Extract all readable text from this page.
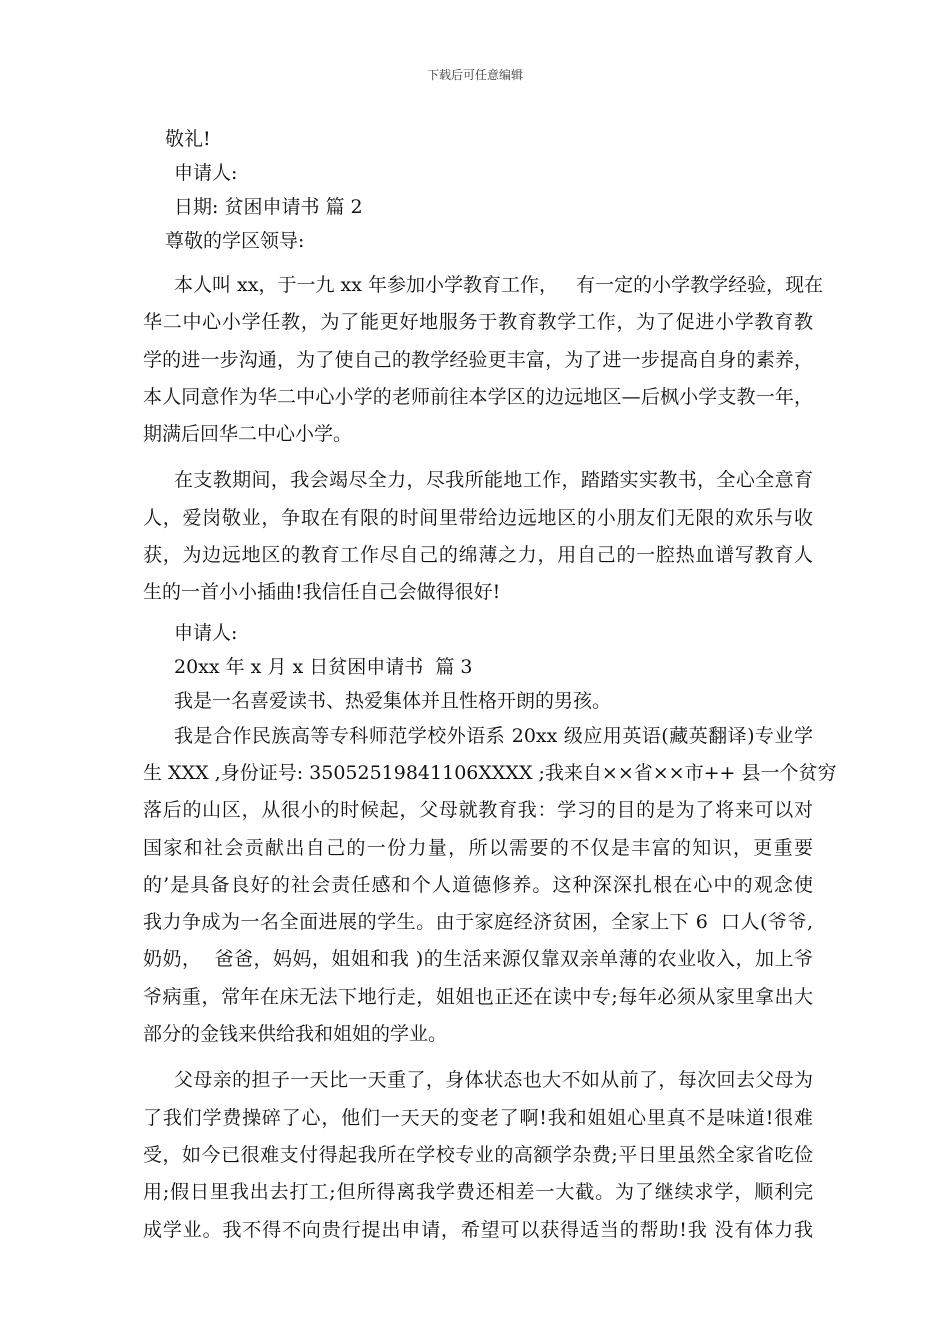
下载后可任意编辑
敬礼!
申请人:
日期: 贫困申请书 篇 2
尊敬的学区领导:
本人叫 xx，于一九 xx 年参加小学教育工作，   有一定的小学教学经验，现在
华二中心小学任教，为了能更好地服务于教育教学工作，为了促进小学教育教
学的进一步沟通，为了使自己的教学经验更丰富，为了进一步提高自身的素养，
本人同意作为华二中心小学的老师前往本学区的边远地区—后枫小学支教一年，
期满后回华二中心小学。
在支教期间，我会竭尽全力，尽我所能地工作，踏踏实实教书，全心全意育
人，爱岗敬业，争取在有限的时间里带给边远地区的小朋友们无限的欢乐与收
获，为边远地区的教育工作尽自己的绵薄之力，用自己的一腔热血谱写教育人
生的一首小小插曲!我信任自己会做得很好!
申请人:
20xx 年 x 月 x 日贫困申请书  篇 3
我是一名喜爱读书、热爱集体并且性格开朗的男孩。
我是合作民族高等专科师范学校外语系 20xx 级应用英语(藏英翻译)专业学
生 XXX ,身份证号: 35052519841106XXXX ;我来自××省××市++ 县一个贫穷
落后的山区，从很小的时候起，父母就教育我：学习的目的是为了将来可以对
国家和社会贡献出自己的一份力量，所以需要的不仅是丰富的知识，更重要
的’是具备良好的社会责任感和个人道德修养。这种深深扎根在心中的观念使
我力争成为一名全面进展的学生。由于家庭经济贫困，全家上下 6  口人(爷爷,
奶奶，  爸爸，妈妈，姐姐和我 )的生活来源仅靠双亲单薄的农业收入，加上爷
爷病重，常年在床无法下地行走，姐姐也正还在读中专;每年必须从家里拿出大
部分的金钱来供给我和姐姐的学业。
父母亲的担子一天比一天重了，身体状态也大不如从前了，每次回去父母为
了我们学费操碎了心，他们一天天的变老了啊!我和姐姐心里真不是味道!很难
受，如今已很难支付得起我所在学校专业的高额学杂费;平日里虽然全家省吃俭
用;假日里我出去打工;但所得离我学费还相差一大截。为了继续求学，顺利完
成学业。我不得不向贵行提出申请，希望可以获得适当的帮助!我 没有体力我
